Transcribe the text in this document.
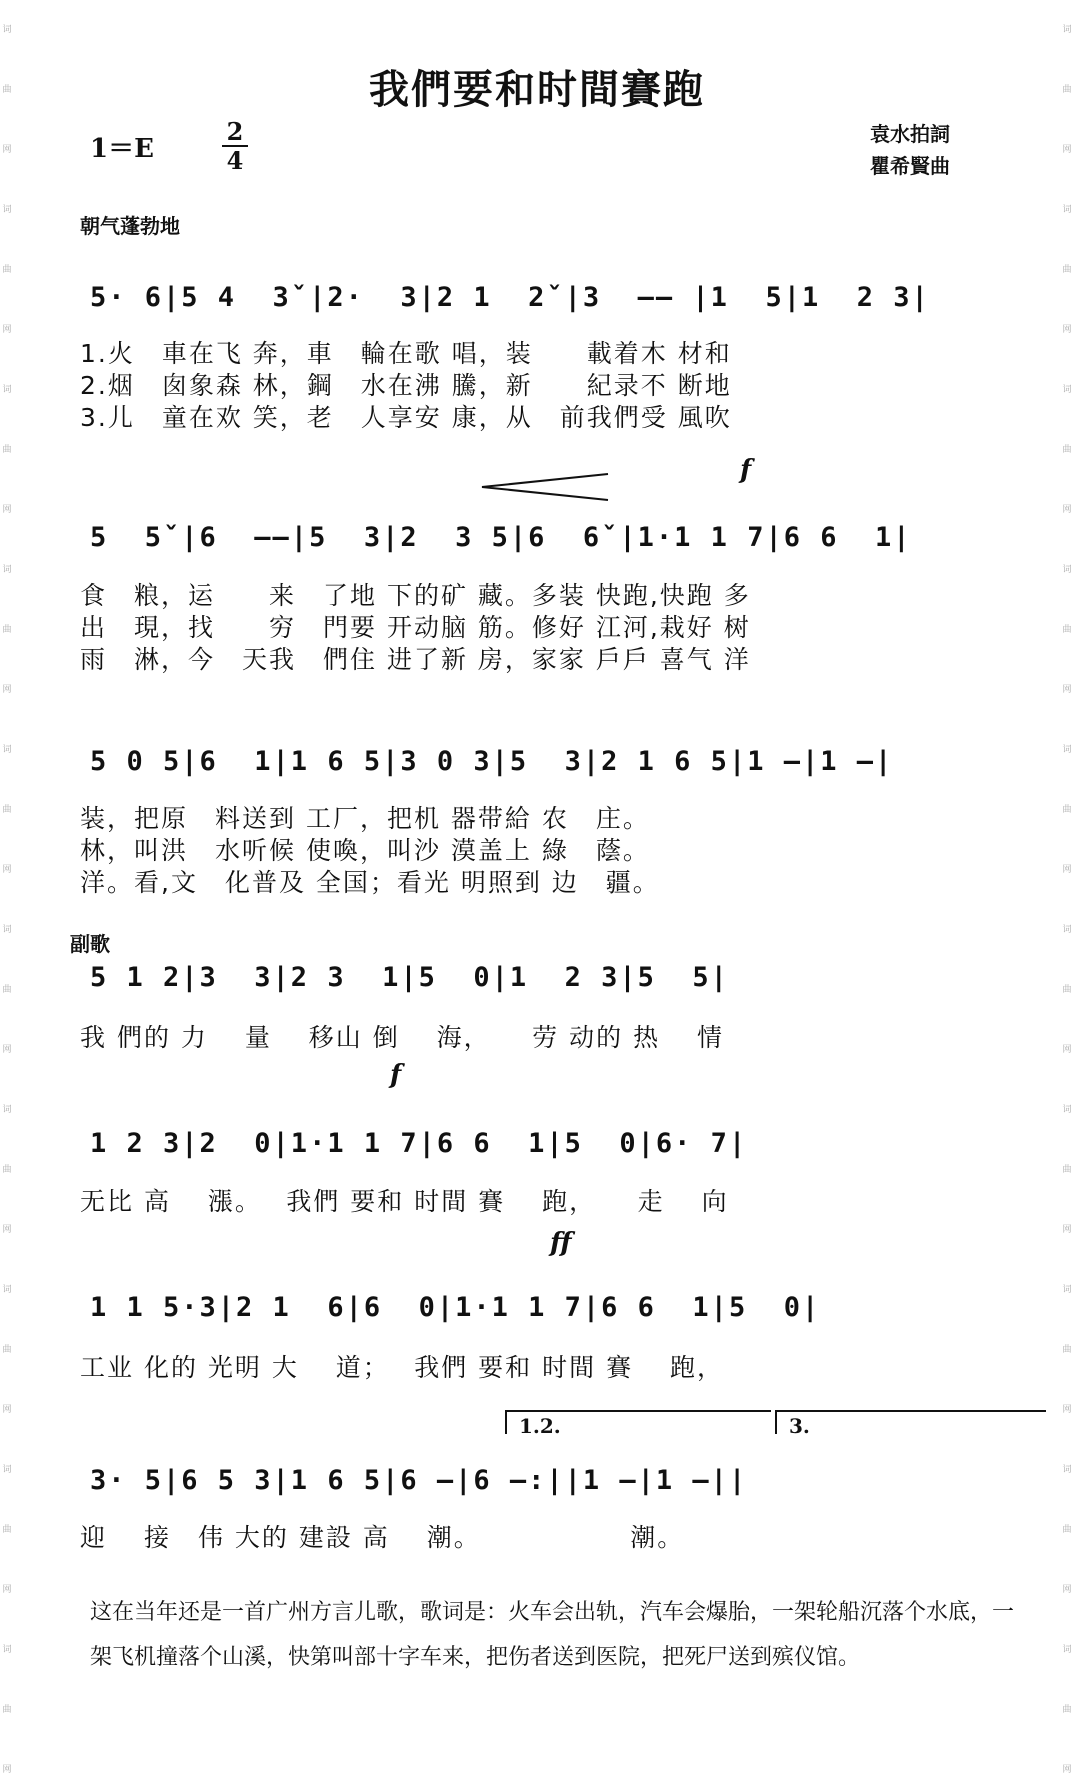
词
曲
网
词
曲
网
词
曲
网
词
曲
网
词
曲
网
词
曲
网
词
曲
网
词
曲
网
词
曲
网
词
曲
网
词
曲
网
词
曲
网
词
曲
网
词
曲
网
词
曲
网
词
曲
网
词
曲
网
词
曲
网
词
曲
网
词
曲
网
我們要和时間賽跑
1＝E
2
4
袁水拍詞
瞿希賢曲
朝气蓬勃地
5· 6|5 4  3ˇ|2·  3|2 1  2ˇ|3  —— |1  5|1  2 3|
1.火　車在飞 奔，車　輪在歌 唱，装　　載着木 材和
2.烟　囱象森 林，鋼　水在沸 騰，新　　紀录不 断地
3.儿　童在欢 笑，老　人享安 康，从　前我們受 風吹
f
5  5ˇ|6  ——|5  3|2  3 5|6  6ˇ|1·1 1 7|6 6  1|
食　粮，运　　来　了地 下的矿 藏。多装 快跑,快跑 多
出　現，找　　穷　門要 开动脑 筋。修好 江河,栽好 树
雨　淋，今　天我　們住 进了新 房，家家 戶戶 喜气 洋
5 0 5|6  1|1 6 5|3 0 3|5  3|2 1 6 5|1 —|1 —|
装，把原　料送到 工厂，把机 器带給 农　庄。
林，叫洪　水听候 使喚，叫沙 漠盖上 綠　蔭。
洋。看,文　化普及 全国；看光 明照到 边　疆。
副歌
5 1 2|3  3|2 3  1|5  0|1  2 3|5  5|
我 們的 力　 量　 移山 倒　 海，　　劳 动的 热　 情
f
1 2 3|2  0|1·1 1 7|6 6  1|5  0|6· 7|
无比 高　 漲。　 我們 要和 时間 賽　 跑，　　走　 向
ff
1 1 5·3|2 1  6|6  0|1·1 1 7|6 6  1|5  0|
工业 化的 光明 大　 道；　 我們 要和 时間 賽　 跑，
1.2.	3.
3· 5|6 5 3|1 6 5|6 —|6 —:||1 —|1 —||
迎　 接　伟 大的 建設 高　 潮。　　　　　　潮。
这在当年还是一首广州方言儿歌，歌词是：火车会出轨，汽车会爆胎，一架轮船沉落个水底，一架飞机撞落个山溪，快第叫部十字车来，把伤者送到医院，把死尸送到殡仪馆。
